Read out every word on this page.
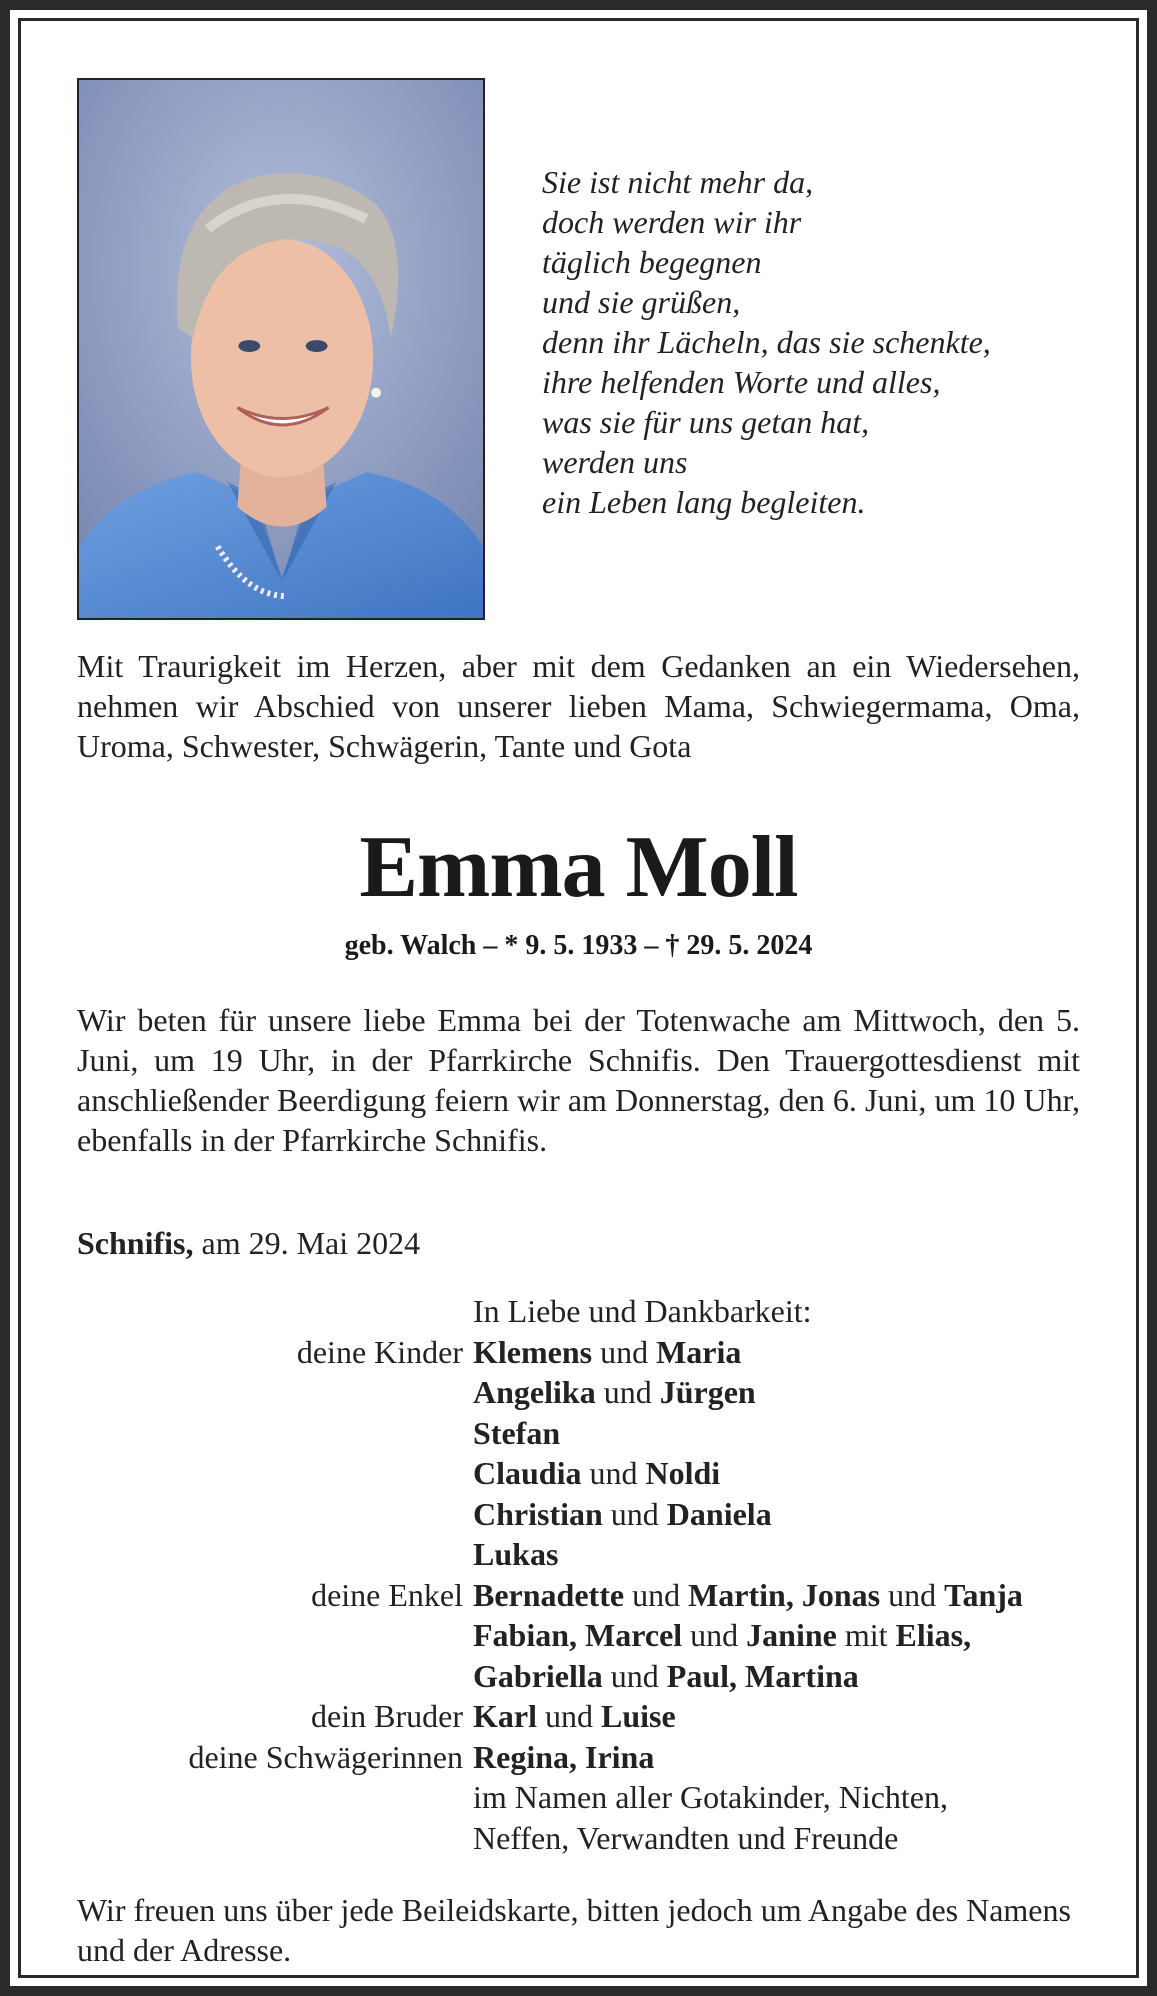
Sie ist nicht mehr da,
doch werden wir ihr
täglich begegnen
und sie grüßen,
denn ihr Lächeln, das sie schenkte,
ihre helfenden Worte und alles,
was sie für uns getan hat,
werden uns
ein Leben lang begleiten.
Mit Traurigkeit im Herzen, aber mit dem Gedanken an ein Wiedersehen, nehmen wir Abschied von unserer lieben Mama, Schwiegermama, Oma, Uroma, Schwester, Schwägerin, Tante und Gota
Emma Moll
geb. Walch – * 9. 5. 1933 – † 29. 5. 2024
Wir beten für unsere liebe Emma bei der Totenwache am Mittwoch, den 5. Juni, um 19 Uhr, in der Pfarrkirche Schnifis. Den Trauergottesdienst mit anschließender Beerdigung feiern wir am Donnerstag, den 6. Juni, um 10 Uhr, ebenfalls in der Pfarrkirche Schnifis.
Schnifis, am 29. Mai 2024
In Liebe und Dankbarkeit:
deine Kinder Klemens und Maria
Angelika und Jürgen
Stefan
Claudia und Noldi
Christian und Daniela
Lukas
deine Enkel Bernadette und Martin, Jonas und Tanja
Fabian, Marcel und Janine mit Elias,
Gabriella und Paul, Martina
dein Bruder Karl und Luise
deine Schwägerinnen Regina, Irina
im Namen aller Gotakinder, Nichten,
Neffen, Verwandten und Freunde
Wir freuen uns über jede Beileidskarte, bitten jedoch um Angabe des Namens und der Adresse.
